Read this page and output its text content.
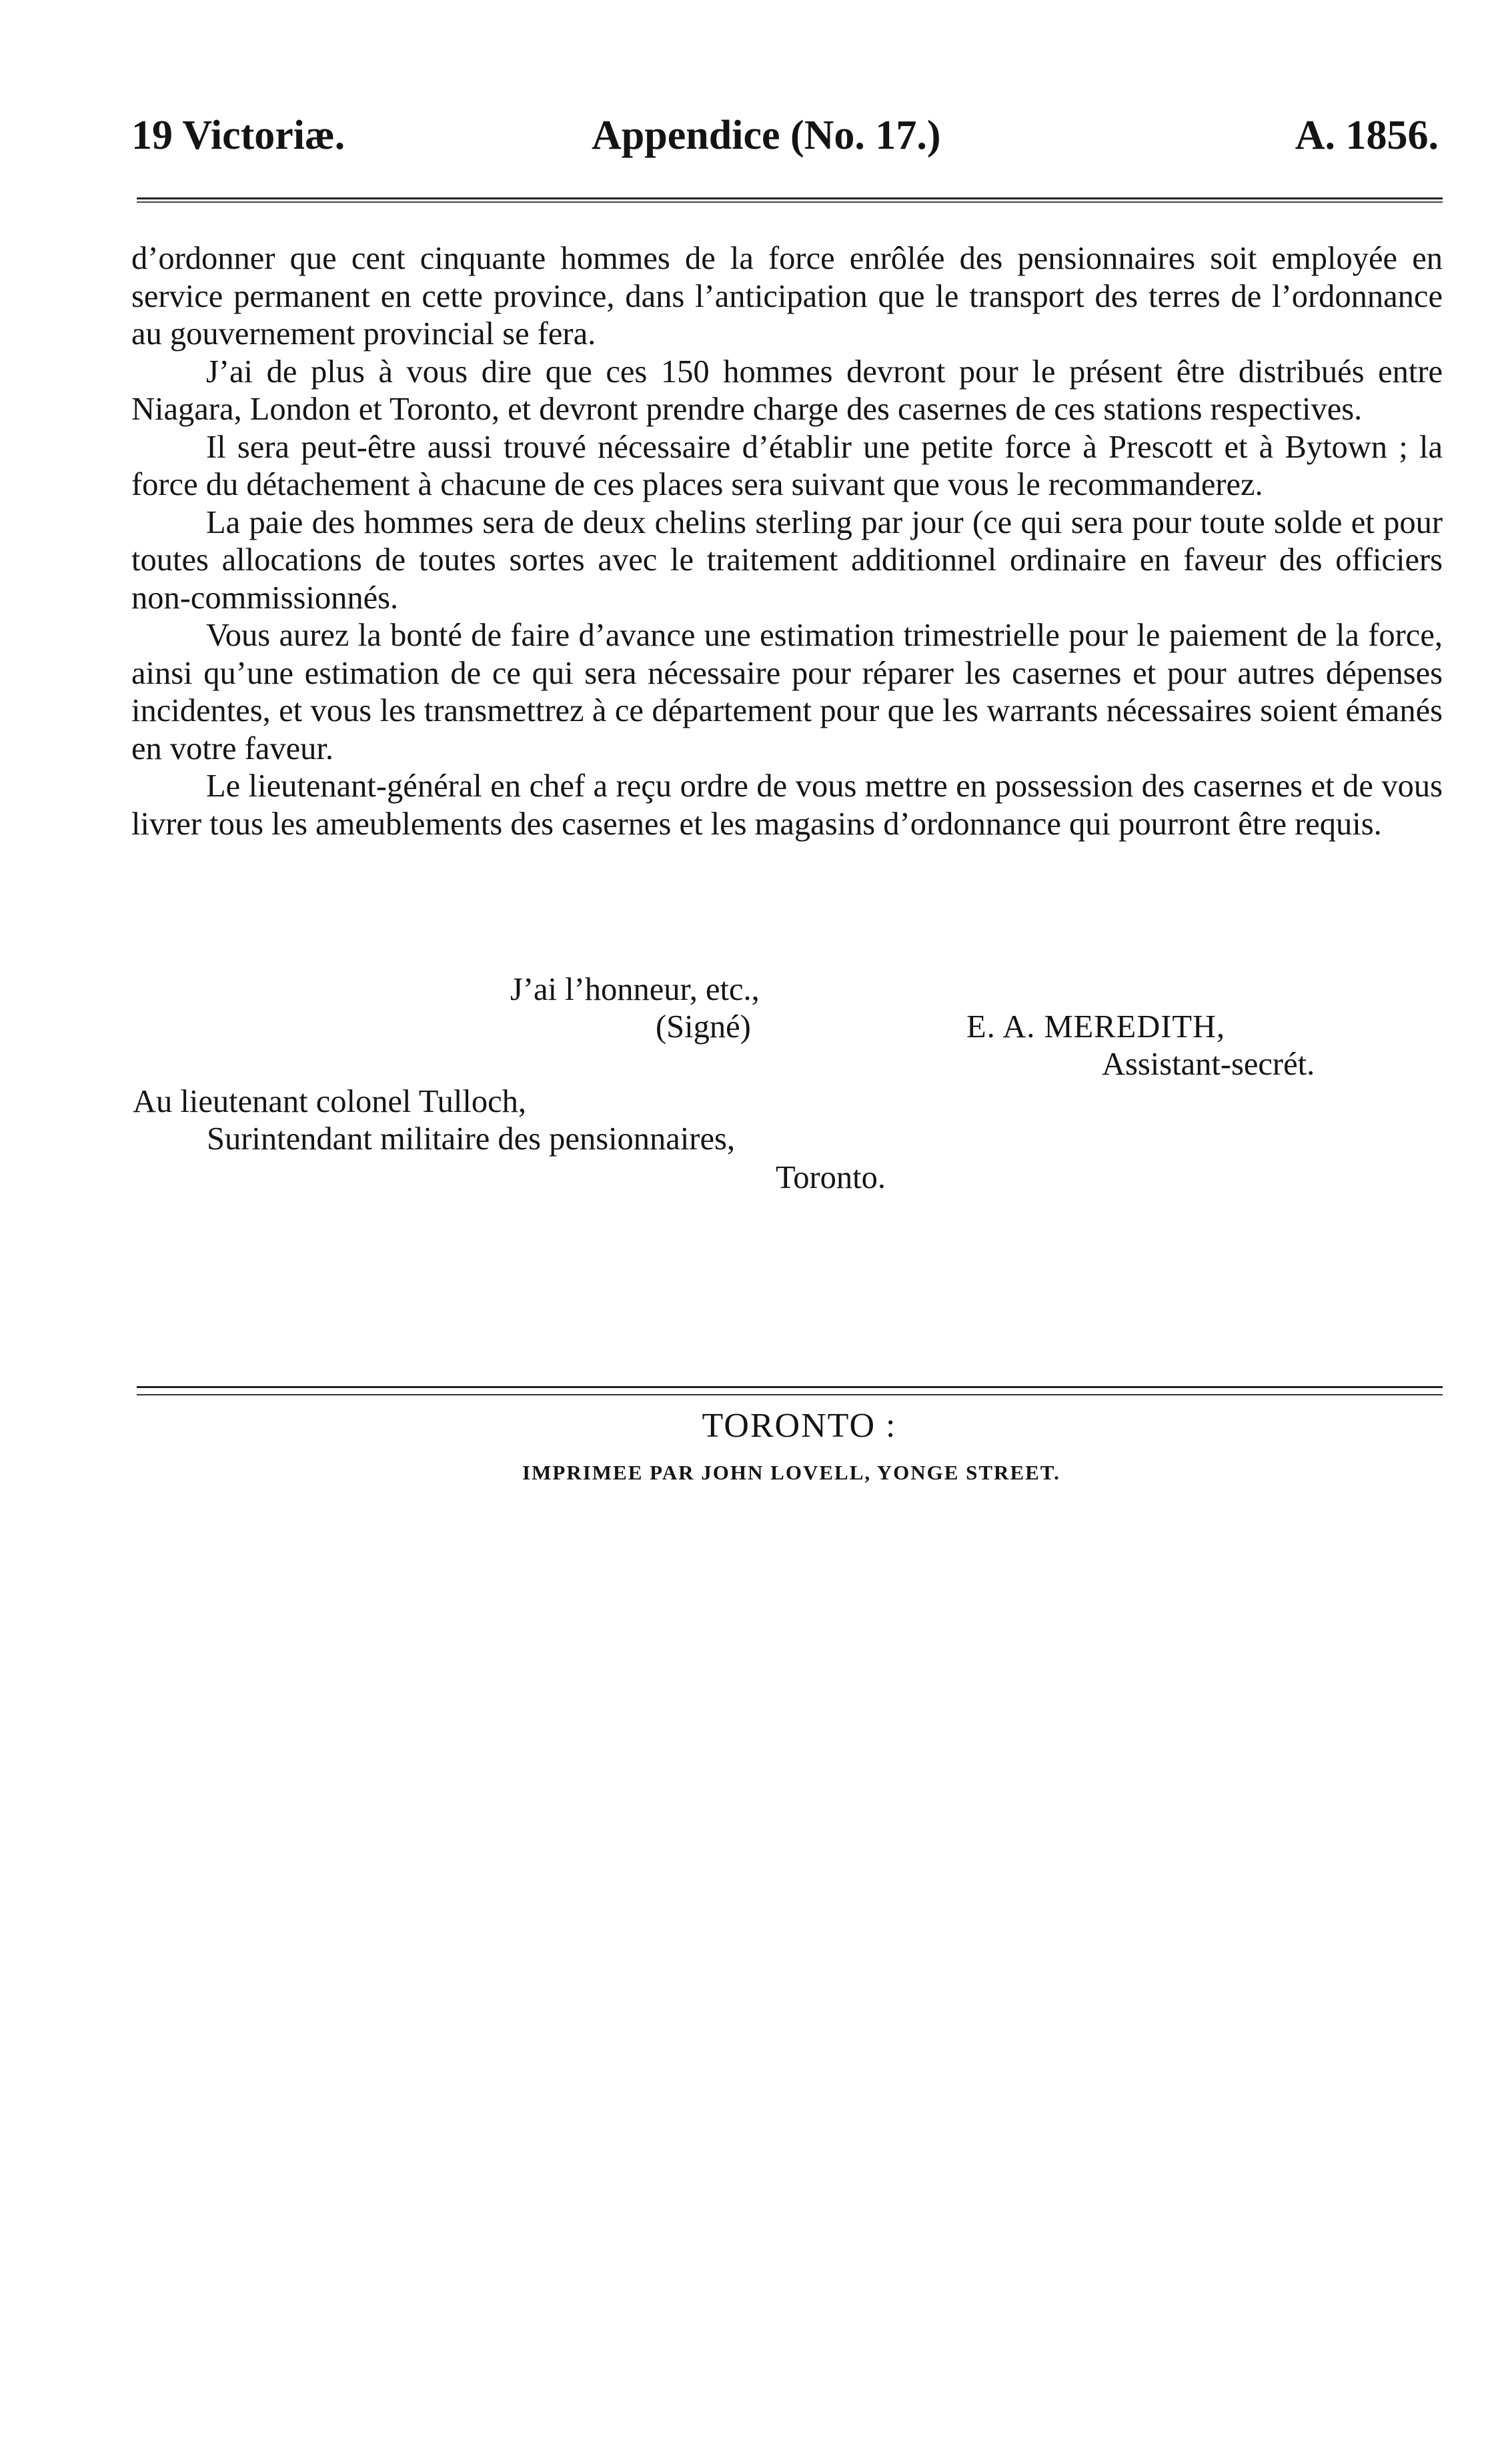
19 Victoriæ.	Appendice (No. 17.)	A. 1856.

d’ordonner que cent cinquante hommes de la force enrôlée des pensionnaires soit employée en service permanent en cette province, dans l’anticipation que le transport des terres de l’ordonnance au gouvernement provincial se fera.

J’ai de plus à vous dire que ces 150 hommes devront pour le présent être distribués entre Niagara, London et Toronto, et devront prendre charge des casernes de ces stations respectives.

Il sera peut-être aussi trouvé nécessaire d’établir une petite force à Prescott et à Bytown ; la force du détachement à chacune de ces places sera suivant que vous le recommanderez.

La paie des hommes sera de deux chelins sterling par jour (ce qui sera pour toute solde et pour toutes allocations de toutes sortes avec le traitement additionnel ordinaire en faveur des officiers non-commissionnés.

Vous aurez la bonté de faire d’avance une estimation trimestrielle pour le paiement de la force, ainsi qu’une estimation de ce qui sera nécessaire pour réparer les casernes et pour autres dépenses incidentes, et vous les transmettrez à ce département pour que les warrants nécessaires soient émanés en votre faveur.

Le lieutenant-général en chef a reçu ordre de vous mettre en possession des casernes et de vous livrer tous les ameublements des casernes et les magasins d’ordonnance qui pourront être requis.

J’ai l’honneur, etc.,
(Signé)	E. A. MEREDITH,
Assistant-secrét.
Au lieutenant colonel Tulloch,
Surintendant militaire des pensionnaires,
Toronto.
TORONTO :
IMPRIMEE PAR JOHN LOVELL, YONGE STREET.
